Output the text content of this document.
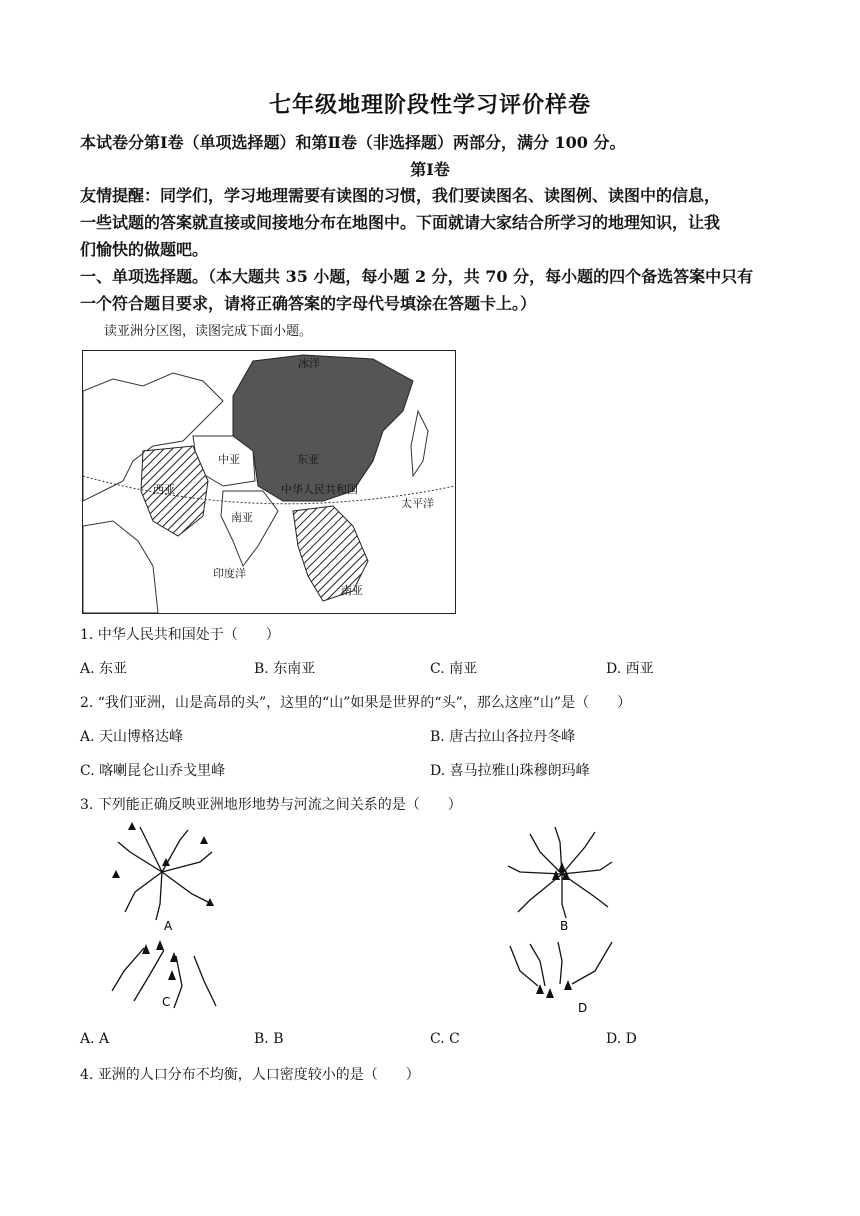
七年级地理阶段性学习评价样卷
本试卷分第Ⅰ卷（单项选择题）和第Ⅱ卷（非选择题）两部分，满分 100 分。
第Ⅰ卷
友情提醒：同学们，学习地理需要有读图的习惯，我们要读图名、读图例、读图中的信息，
一些试题的答案就直接或间接地分布在地图中。下面就请大家结合所学习的地理知识，让我
们愉快的做题吧。
一、单项选择题。（本大题共 35 小题，每小题 2 分，共 70 分，每小题的四个备选答案中只有
一个符合题目要求，请将正确答案的字母代号填涂在答题卡上。）
读亚洲分区图，读图完成下面小题。
冰洋
中亚	东亚
西亚	中华人民共和国
太平洋
南亚
印度洋
南亚
1. 中华人民共和国处于（　　）
A. 东亚	B. 东南亚	C. 南亚	D. 西亚
2. “我们亚洲，山是高昂的头”，这里的“山”如果是世界的“头”，那么这座“山”是（　　）
A. 天山博格达峰	B. 唐古拉山各拉丹冬峰
C. 喀喇昆仑山乔戈里峰	D. 喜马拉雅山珠穆朗玛峰
3. 下列能正确反映亚洲地形地势与河流之间关系的是（　　）
A	B
C	D
A. A	B. B	C. C	D. D
4. 亚洲的人口分布不均衡，人口密度较小的是（　　）
